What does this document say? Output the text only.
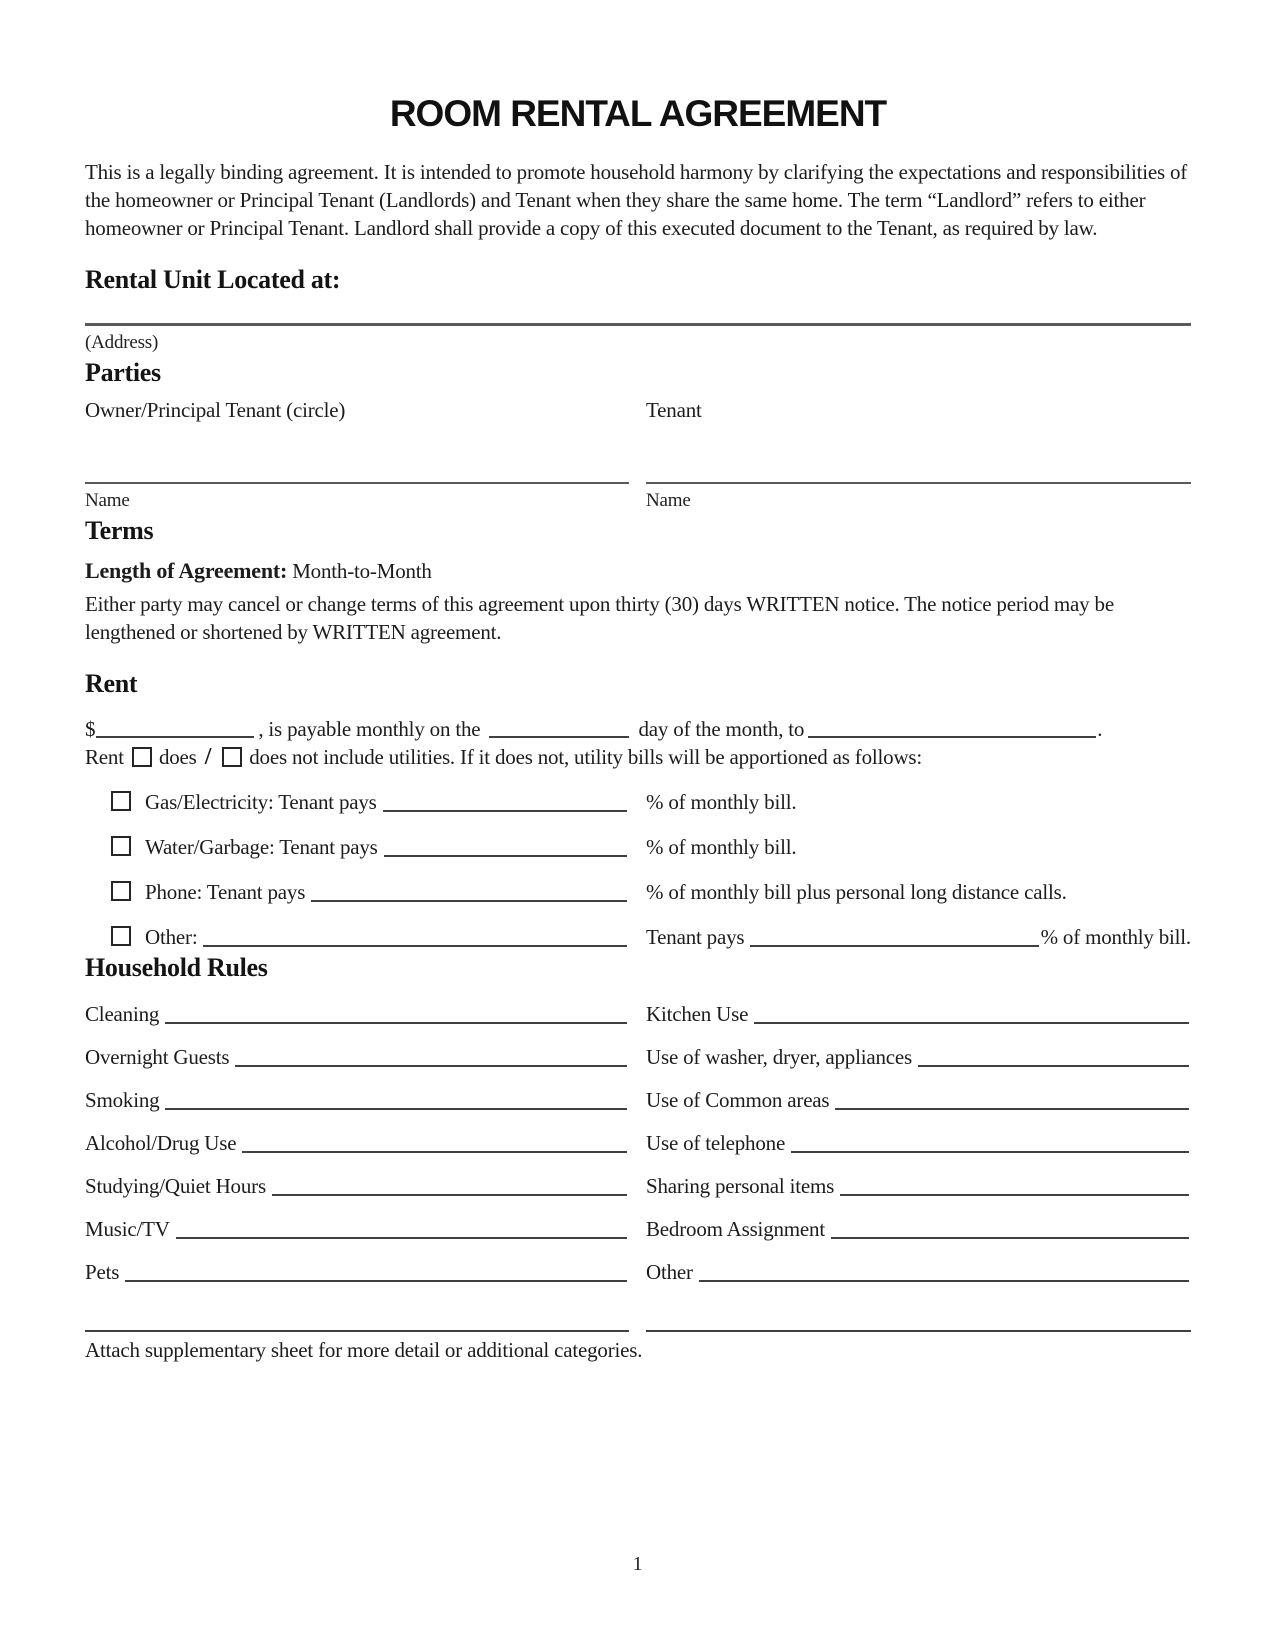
ROOM RENTAL AGREEMENT

This is a legally binding agreement. It is intended to promote household harmony by clarifying the expectations and responsibilities of the homeowner or Principal Tenant (Landlords) and Tenant when they share the same home. The term “Landlord” refers to either homeowner or Principal Tenant. Landlord shall provide a copy of this executed document to the Tenant, as required by law.

Rental Unit Located at:
(Address)
Parties
Owner/Principal Tenant (circle)
Name
Tenant
Name
Terms
Length of Agreement: Month-to-Month

Either party may cancel or change terms of this agreement upon thirty (30) days WRITTEN notice. The notice period may be lengthened or shortened by WRITTEN agreement.

Rent
$	, is payable monthly on the	day of the month, to	.
Rent does / does not include utilities. If it does not, utility bills will be apportioned as follows:
Gas/Electricity: Tenant pays	% of monthly bill.
Water/Garbage: Tenant pays	% of monthly bill.
Phone: Tenant pays	% of monthly bill plus personal long distance calls.
Other:	Tenant pays	% of monthly bill.
Household Rules
Cleaning	Kitchen Use
Overnight Guests	Use of washer, dryer, appliances
Smoking	Use of Common areas
Alcohol/Drug Use	Use of telephone
Studying/Quiet Hours	Sharing personal items
Music/TV	Bedroom Assignment
Pets	Other
Attach supplementary sheet for more detail or additional categories.
1
